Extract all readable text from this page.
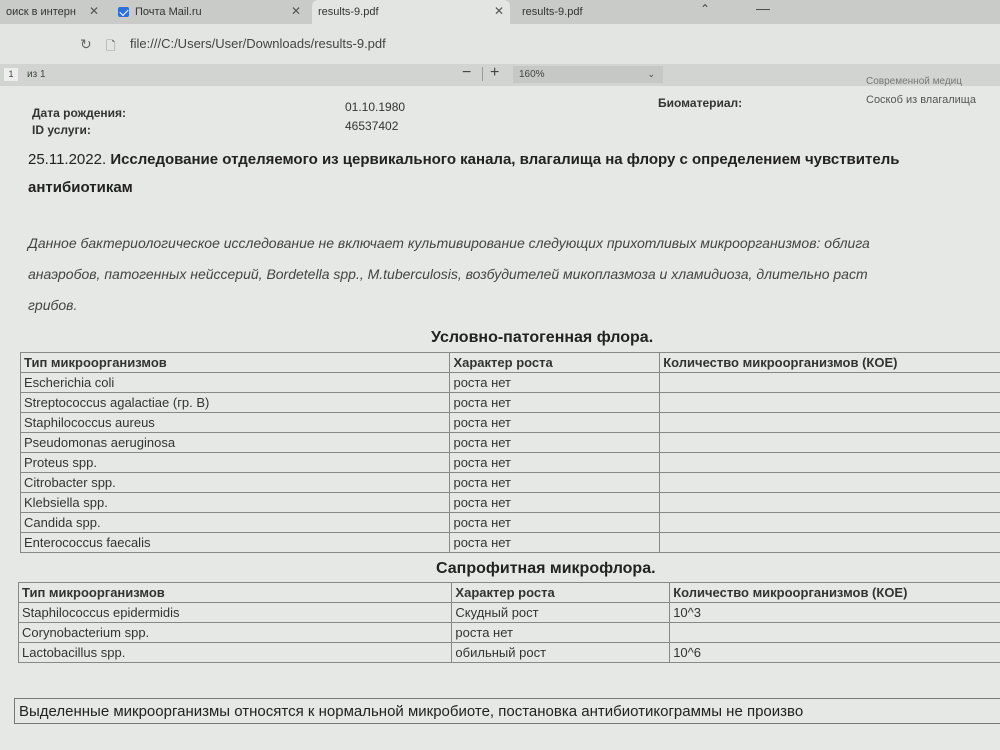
оиск в интерн ✕	Почта Mail.ru	✕ results-9.pdf	✕ results-9.pdf	⌃	—
↻ 🗋 file:///C:/Users/User/Downloads/results-9.pdf
1	из 1	− +	160%	⌄
Современной медиц
Дата рождения:	01.10.1980
ID услуги:	46537402
Биоматериал:	Соскоб из влагалища
25.11.2022. Исследование отделяемого из цервикального канала, влагалища на флору с определением чувствитель
антибиотикам
Данное бактериологическое исследование не включает культивирование следующих прихотливых микроорганизмов: облига
анаэробов, патогенных нейссерий, Bordetella spp., M.tuberculosis, возбудителей микоплазмоза и хламидиоза, длительно раст
грибов.
Условно-патогенная флора.
Тип микроорганизмов	Характер роста	Количество микроорганизмов (КОЕ)
Escherichia coli	роста нет	
Streptococcus agalactiae (гр. В)	роста нет	
Staphilococcus aureus	роста нет	
Pseudomonas aeruginosa	роста нет	
Proteus spp.	роста нет	
Citrobacter spp.	роста нет	
Klebsiella spp.	роста нет	
Candida spp.	роста нет	
Enterococcus faecalis	роста нет	
Сапрофитная микрофлора.
Тип микроорганизмов	Характер роста	Количество микроорганизмов (КОЕ)
Staphilococcus epidermidis	Скудный рост	10^3
Corynobacterium spp.	роста нет	
Lactobacillus spp.	обильный рост	10^6
Выделенные микроорганизмы относятся к нормальной микробиоте, постановка антибиотикограммы не произво
